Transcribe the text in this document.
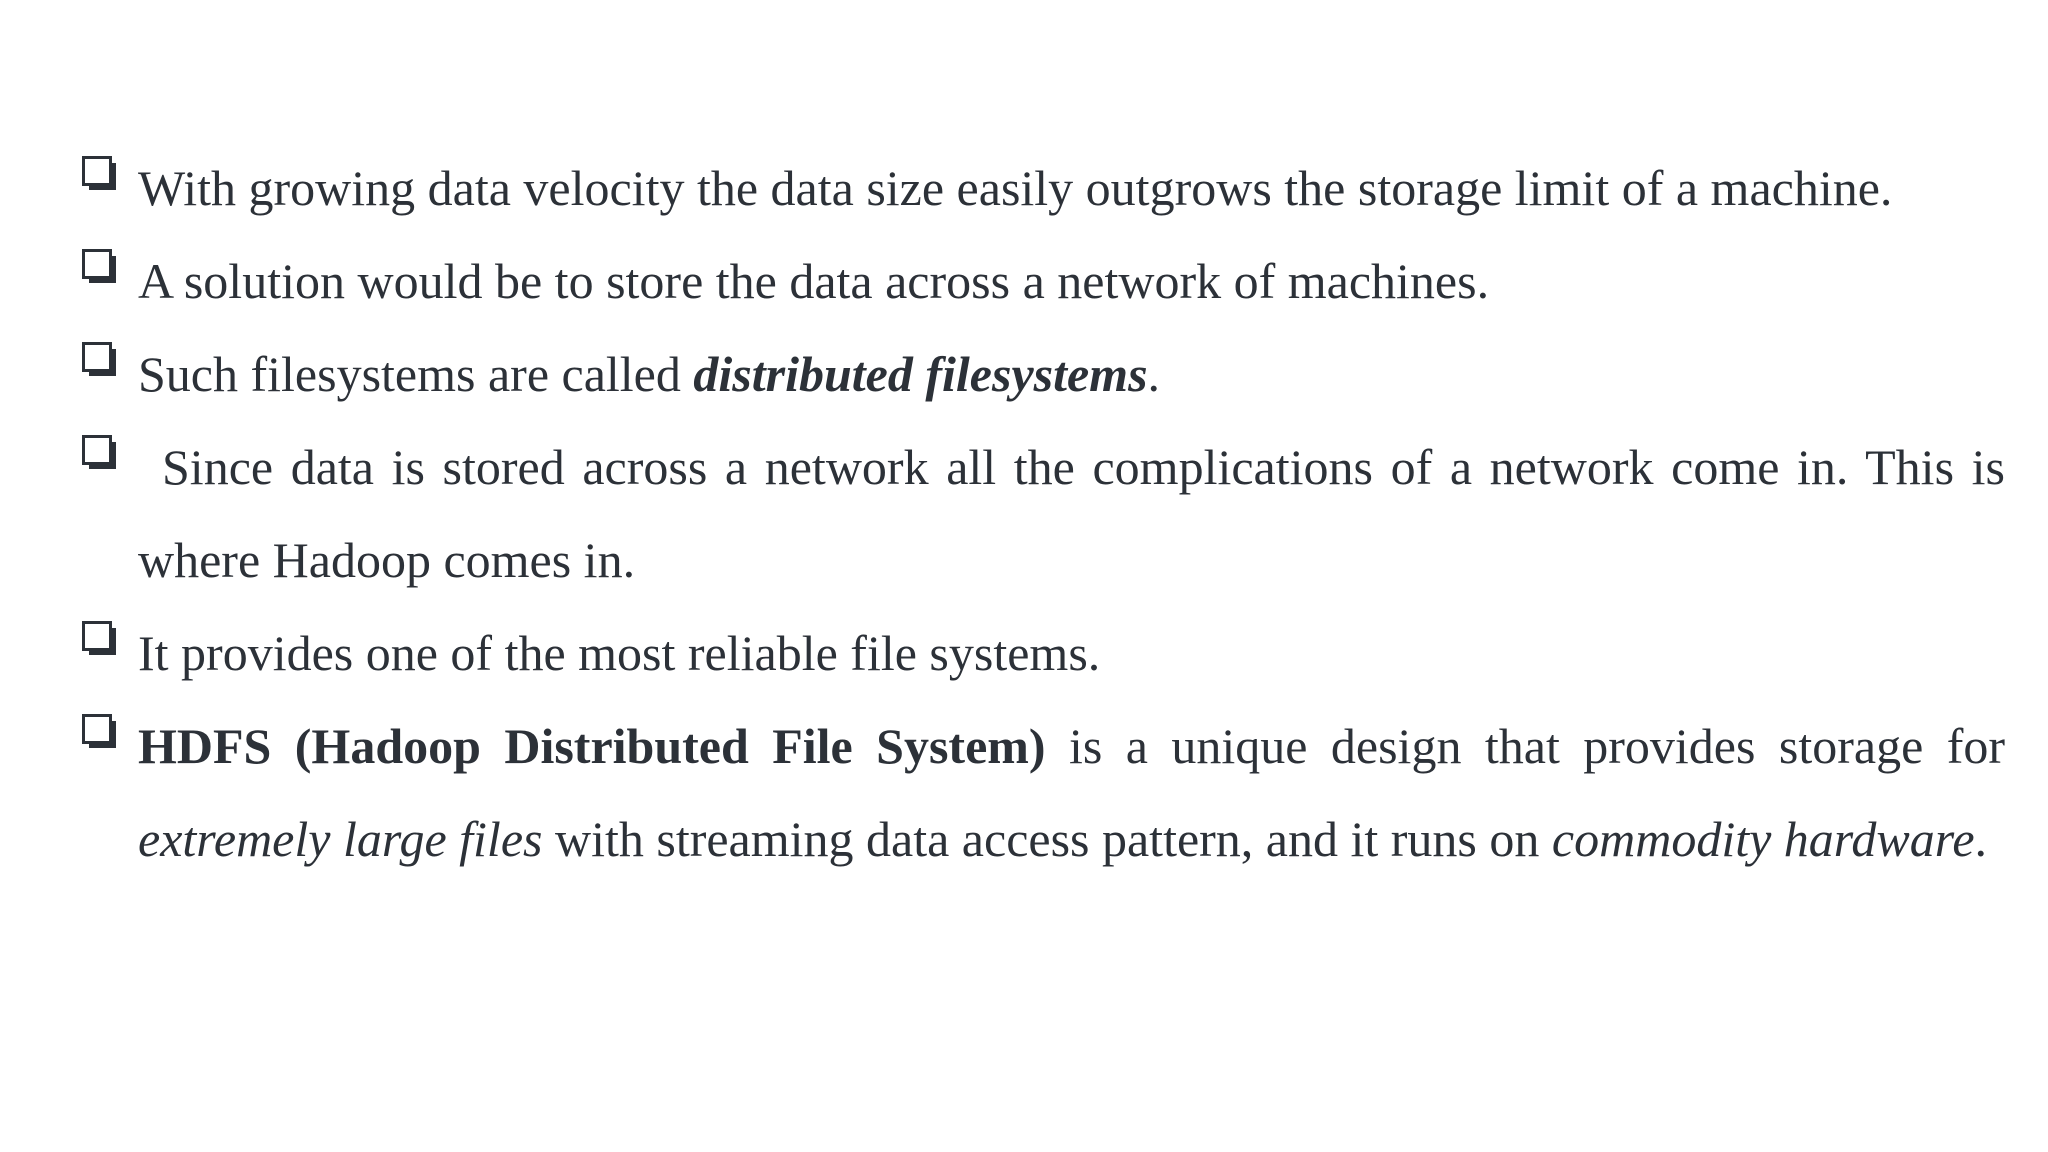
With growing data velocity the data size easily outgrows the storage limit of a machine.
A solution would be to store the data across a network of machines.
Such filesystems are called distributed filesystems.
Since data is stored across a network all the complications of a network come in. This is where Hadoop comes in.
It provides one of the most reliable file systems.
HDFS (Hadoop Distributed File System) is a unique design that provides storage for extremely large files with streaming data access pattern, and it runs on commodity hardware.
